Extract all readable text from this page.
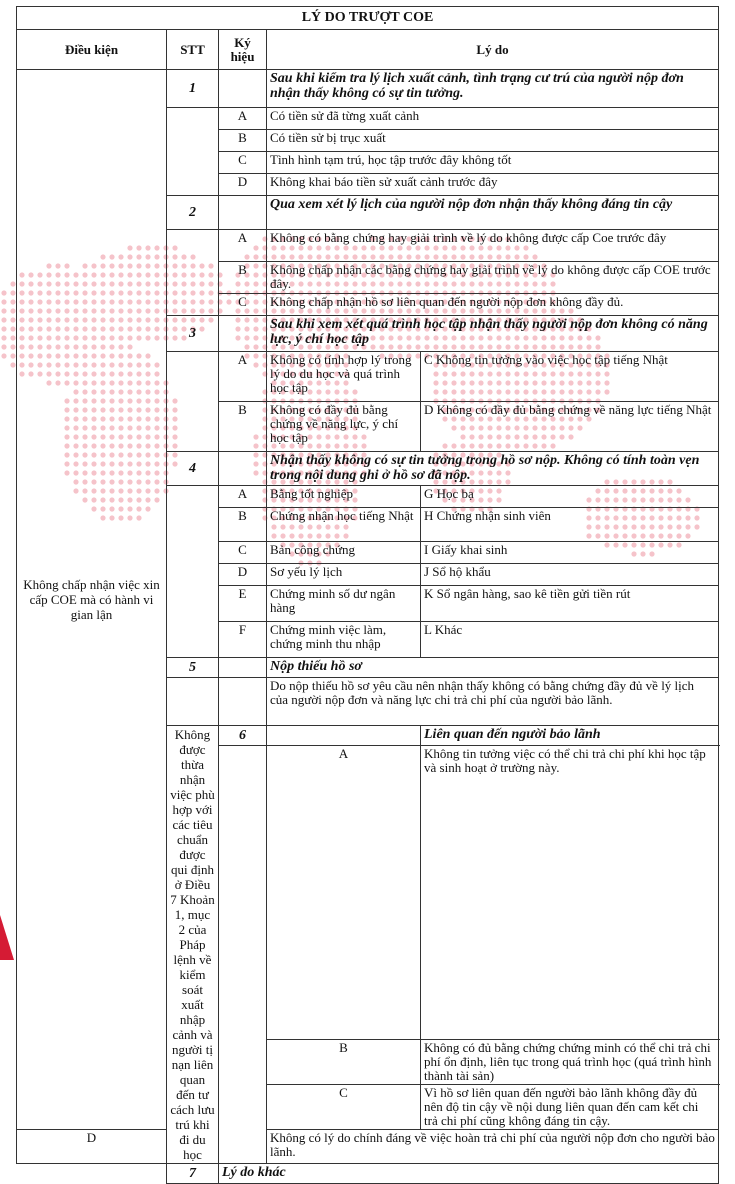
LÝ DO TRƯỢT COE				
Điều kiện	STT	Ký hiệu	Lý do	
Không chấp nhận việc xin cấp COE mà có hành vi gian lận	1		Sau khi kiểm tra lý lịch xuất cảnh, tình trạng cư trú của người nộp đơn nhận thấy không có sự tin tưởng.	
		A	Có tiền sử đã từng xuất cảnh	
		B	Có tiền sử bị trục xuất	
		C	Tình hình tạm trú, học tập trước đây không tốt	
		D	Không khai báo tiền sử xuất cảnh trước đây	
	2		Qua xem xét lý lịch của người nộp đơn nhận thấy không đáng tin cậy	
		A	Không có bằng chứng hay giải trình về lý do không được cấp Coe trước đây	
		B	Không chấp nhận các bằng chứng hay giải trình về lý do không được cấp COE trước đây.	
		C	Không chấp nhận hồ sơ liên quan đến người nộp đơn không đầy đủ.	
	3		Sau khi xem xét quá trình học tập nhận thấy người nộp đơn không có năng lực, ý chí học tập	
		A	Không có tính hợp lý trong lý do du học và quá trình học tập	C Không tin tưởng vào việc học tập tiếng Nhật
		B	Không có đầy đủ bằng chứng về năng lực, ý chí học tập	D Không có đầy đủ bằng chứng về năng lực tiếng Nhật
	4		Nhận thấy không có sự tin tưởng trong hồ sơ nộp. Không có tính toàn vẹn trong nội dung ghi ở hồ sơ đã nộp.	
		A	Bằng tốt nghiệp	G Học bạ
		B	Chứng nhận học tiếng Nhật	H Chứng nhận sinh viên
		C	Bản công chứng	I Giấy khai sinh
		D	Sơ yếu lý lịch	J Sổ hộ khẩu
		E	Chứng minh số dư ngân hàng	K Sổ ngân hàng, sao kê tiền gửi tiền rút
		F	Chứng minh việc làm, chứng minh thu nhập	L Khác
	5		Nộp thiếu hồ sơ	
			Do nộp thiếu hồ sơ yêu cầu nên nhận thấy không có bằng chứng đầy đủ về lý lịch của người nộp đơn và năng lực chi trả chi phí của người bảo lãnh.	
	Không được thừa nhận việc phù hợp với các tiêu chuẩn được qui định ở Điều 7 Khoản 1, mục 2 của Pháp lệnh về kiểm soát xuất nhập cảnh và người tị nạn liên quan đến tư cách lưu trú khi đi du học	6		Liên quan đến người bảo lãnh
			A	Không tin tưởng việc có thể chi trả chi phí khi học tập và sinh hoạt ở trường này.
			B	Không có đủ bằng chứng chứng minh có thể chi trả chi phí ổn định, liên tục trong quá trình học (quá trình hình thành tài sản)
			C	Vì hồ sơ liên quan đến người bảo lãnh không đầy đủ nên độ tin cậy về nội dung liên quan đến cam kết chi trả chi phí cũng không đáng tin cậy.
D			Không có lý do chính đáng về việc hoàn trả chi phí của người nộp đơn cho người bảo lãnh.	
	7	Lý do khác		
